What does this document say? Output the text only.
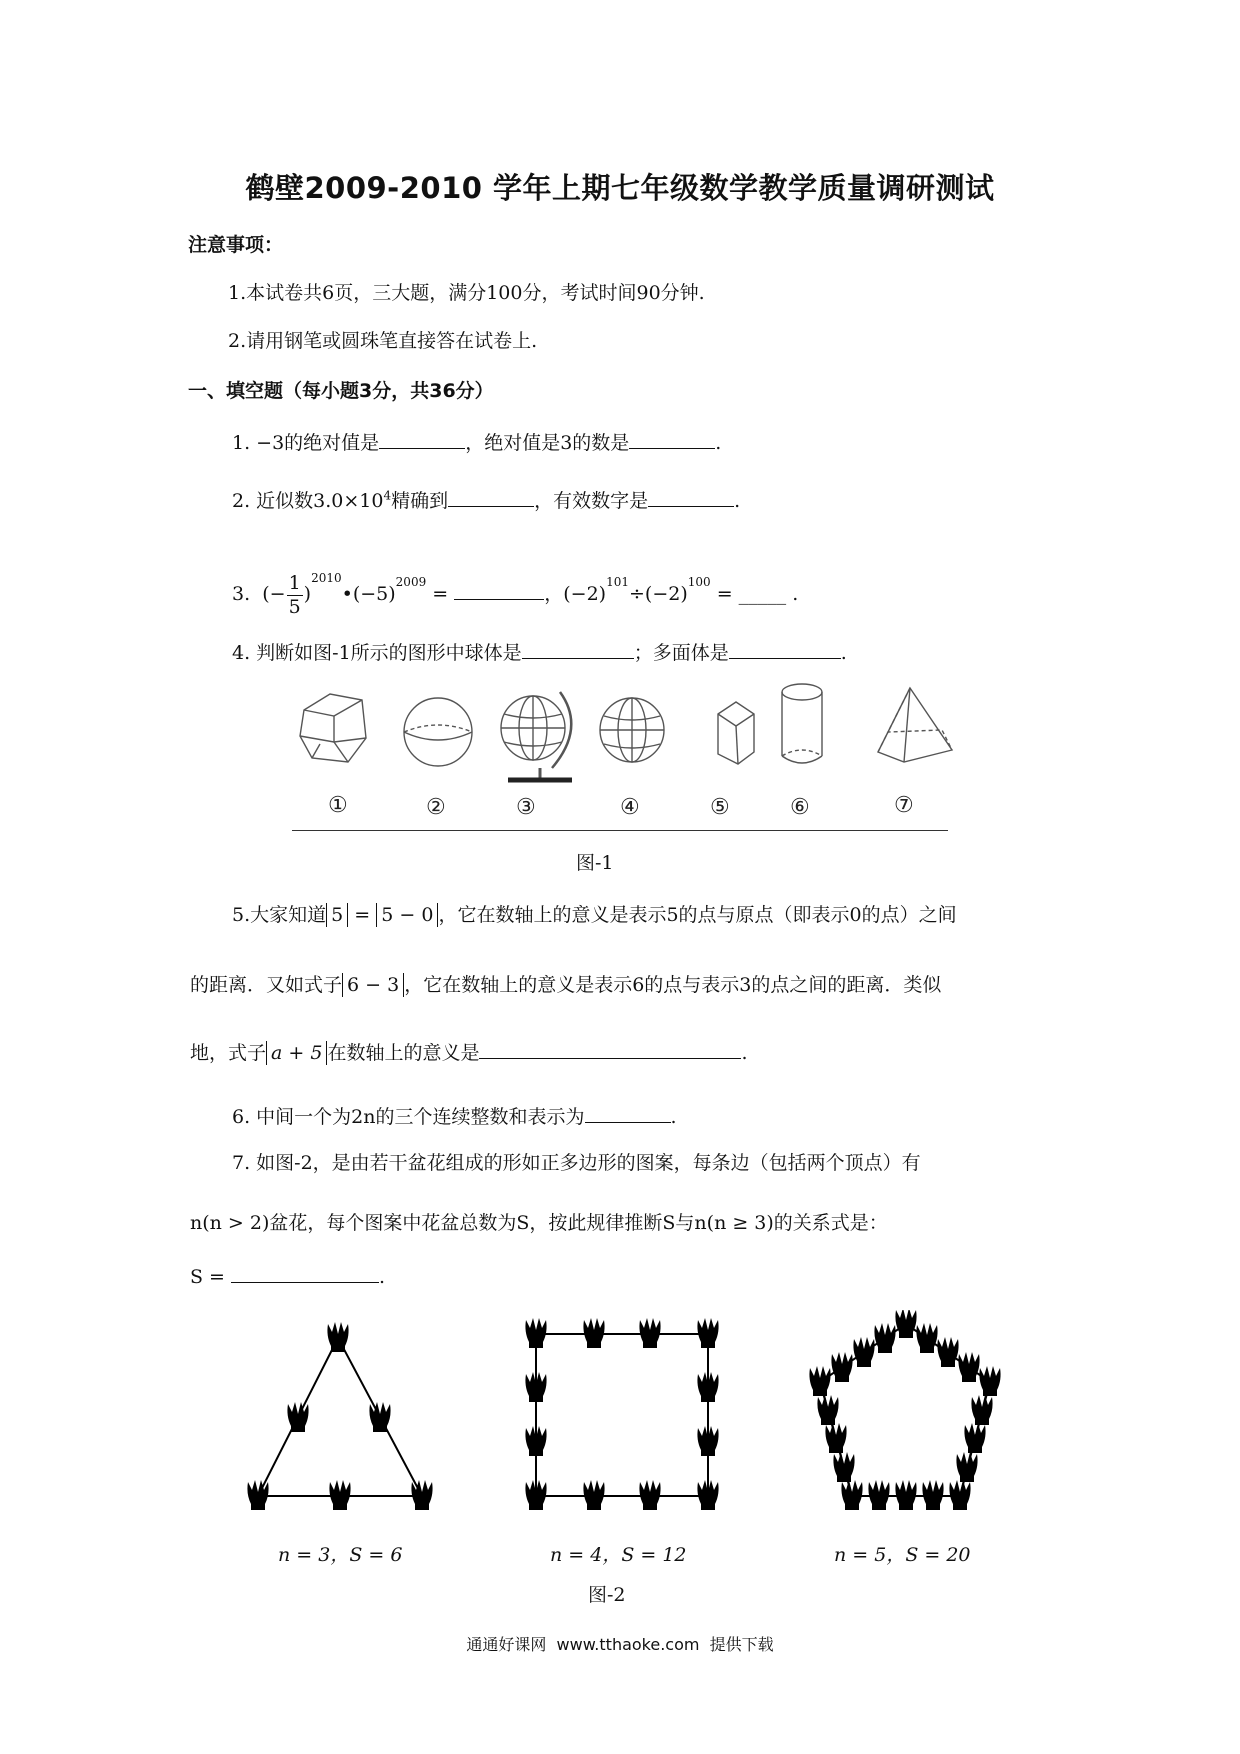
鹤壁2009-2010 学年上期七年级数学教学质量调研测试
注意事项：
1.本试卷共6页，三大题，满分100分，考试时间90分钟.
2.请用钢笔或圆珠笔直接答在试卷上.
一、填空题（每小题3分，共36分）
1. −3的绝对值是	，绝对值是3的数是	.
2. 近似数$3.0\times 10^4$精确到	，有效数字是	.
3.  (− $\frac{1}{5}$ )$^{2010}•(-5)^{2009}$ =	，$(-2)^{101}\div(-2)^{100}$ = _____ .
4. 判断如图-1所示的图形中球体是	；多面体是	.
①	②	③	④	⑤	⑥	⑦
图-1
5.大家知道 5 = 5 − 0 ，它在数轴上的意义是表示5的点与原点（即表示0的点）之间
的距离．又如式子 6 − 3 ，它在数轴上的意义是表示6的点与表示3的点之间的距离．类似
地，式子 a + 5 在数轴上的意义是	.
6. 中间一个为2n的三个连续整数和表示为	.
7. 如图-2，是由若干盆花组成的形如正多边形的图案，每条边（包括两个顶点）有
n(n > 2)盆花，每个图案中花盆总数为S，按此规律推断S与n(n ≥ 3)的关系式是：
S =	.
n = 3，S = 6	n = 4，S = 12	n = 5，S = 20
图-2
通通好课网  www.tthaoke.com  提供下载
